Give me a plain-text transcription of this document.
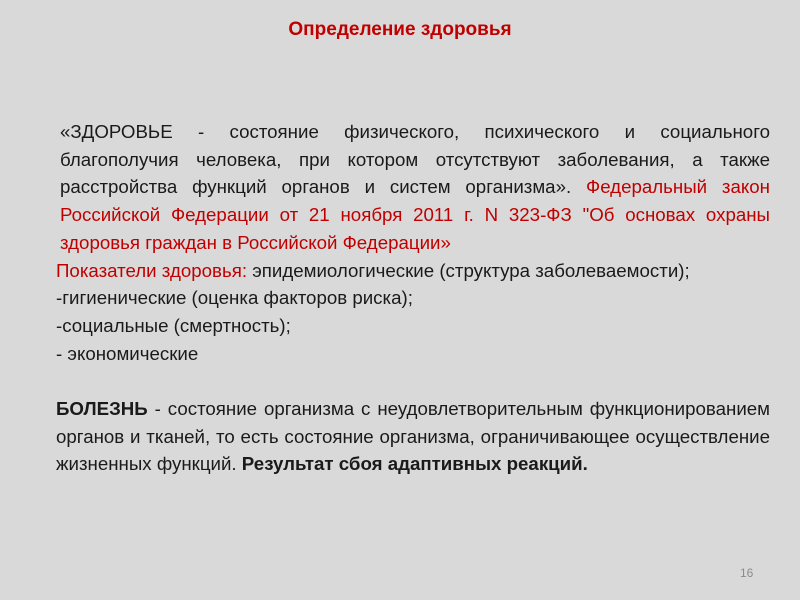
Определение здоровья

«ЗДОРОВЬЕ - состояние физического, психического и социального благополучия человека, при котором отсутствуют заболевания, а также расстройства функций органов и систем организма». Федеральный закон Российской Федерации от 21 ноября 2011 г. N 323-ФЗ "Об основах охраны здоровья граждан в Российской Федерации»

Показатели здоровья: эпидемиологические (структура заболеваемости);

-гигиенические (оценка факторов риска);

-социальные (смертность);

- экономические

БОЛЕЗНЬ - состояние организма с неудовлетворительным функционированием органов и тканей, то есть состояние организма, ограничивающее осуществление жизненных функций. Результат сбоя адаптивных реакций.

16
